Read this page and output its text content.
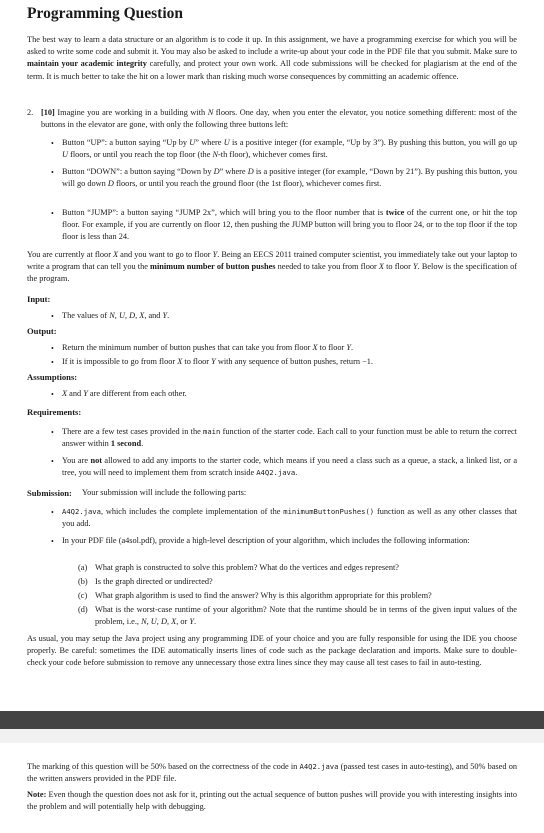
Programming Question
The best way to learn a data structure or an algorithm is to code it up. In this assignment, we have a programming exercise for which you will be asked to write some code and submit it. You may also be asked to include a write-up about your code in the PDF file that you submit. Make sure to maintain your academic integrity carefully, and protect your own work. All code submissions will be checked for plagiarism at the end of the term. It is much better to take the hit on a lower mark than risking much worse consequences by committing an academic offence.
2. [10] Imagine you are working in a building with N floors. One day, when you enter the elevator, you notice something different: most of the buttons in the elevator are gone, with only the following three buttons left:
• Button “UP”: a button saying “Up by U” where U is a positive integer (for example, “Up by 3”). By pushing this button, you will go up U floors, or until you reach the top floor (the N-th floor), whichever comes first.
• Button “DOWN”: a button saying “Down by D” where D is a positive integer (for example, “Down by 21”). By pushing this button, you will go down D floors, or until you reach the ground floor (the 1st floor), whichever comes first.
• Button “JUMP”: a button saying “JUMP 2x”, which will bring you to the floor number that is twice of the current one, or hit the top floor. For example, if you are currently on floor 12, then pushing the JUMP button will bring you to floor 24, or to the top floor if the top floor is less than 24.
You are currently at floor X and you want to go to floor Y. Being an EECS 2011 trained computer scientist, you immediately take out your laptop to write a program that can tell you the minimum number of button pushes needed to take you from floor X to floor Y. Below is the specification of the program.
Input:
• The values of N, U, D, X, and Y.
Output:
• Return the minimum number of button pushes that can take you from floor X to floor Y.
• If it is impossible to go from floor X to floor Y with any sequence of button pushes, return −1.
Assumptions:
• X and Y are different from each other.
Requirements:
• There are a few test cases provided in the main function of the starter code. Each call to your function must be able to return the correct answer within 1 second.
• You are not allowed to add any imports to the starter code, which means if you need a class such as a queue, a stack, a linked list, or a tree, you will need to implement them from scratch inside A4Q2.java.
Submission: Your submission will include the following parts:
• A4Q2.java, which includes the complete implementation of the minimumButtonPushes() function as well as any other classes that you add.
• In your PDF file (a4sol.pdf), provide a high-level description of your algorithm, which includes the following information:
(a) What graph is constructed to solve this problem? What do the vertices and edges represent?
(b) Is the graph directed or undirected?
(c) What graph algorithm is used to find the answer? Why is this algorithm appropriate for this problem?
(d) What is the worst-case runtime of your algorithm? Note that the runtime should be in terms of the given input values of the problem, i.e., N, U, D, X, or Y.
As usual, you may setup the Java project using any programming IDE of your choice and you are fully responsible for using the IDE you choose properly. Be careful: sometimes the IDE automatically inserts lines of code such as the package declaration and imports. Make sure to double-check your code before submission to remove any unnecessary those extra lines since they may cause all test cases to fail in auto-testing.
The marking of this question will be 50% based on the correctness of the code in A4Q2.java (passed test cases in auto-testing), and 50% based on the written answers provided in the PDF file.
Note: Even though the question does not ask for it, printing out the actual sequence of button pushes will provide you with interesting insights into the problem and will potentially help with debugging.
